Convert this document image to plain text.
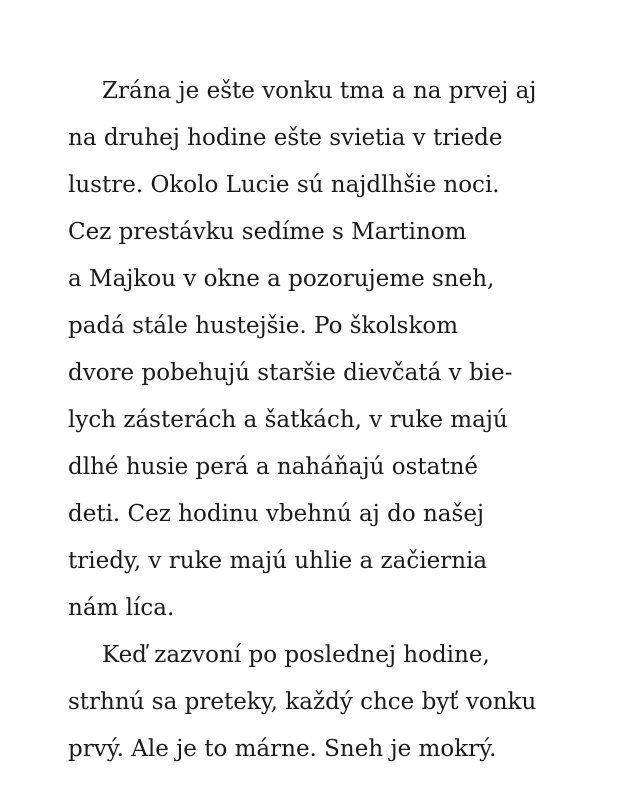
Zrána je ešte vonku tma a na prvej aj
na druhej hodine ešte svietia v triede
lustre. Okolo Lucie sú najdlhšie noci.
Cez prestávku sedíme s Martinom
a Majkou v okne a pozorujeme sneh,
padá stále hustejšie. Po školskom
dvore pobehujú staršie dievčatá v bie-
lych zásterách a šatkách, v ruke majú
dlhé husie perá a naháňajú ostatné
deti. Cez hodinu vbehnú aj do našej
triedy, v ruke majú uhlie a začiernia
nám líca.
Keď zazvoní po poslednej hodine,
strhnú sa preteky, každý chce byť vonku
prvý. Ale je to márne. Sneh je mokrý.
